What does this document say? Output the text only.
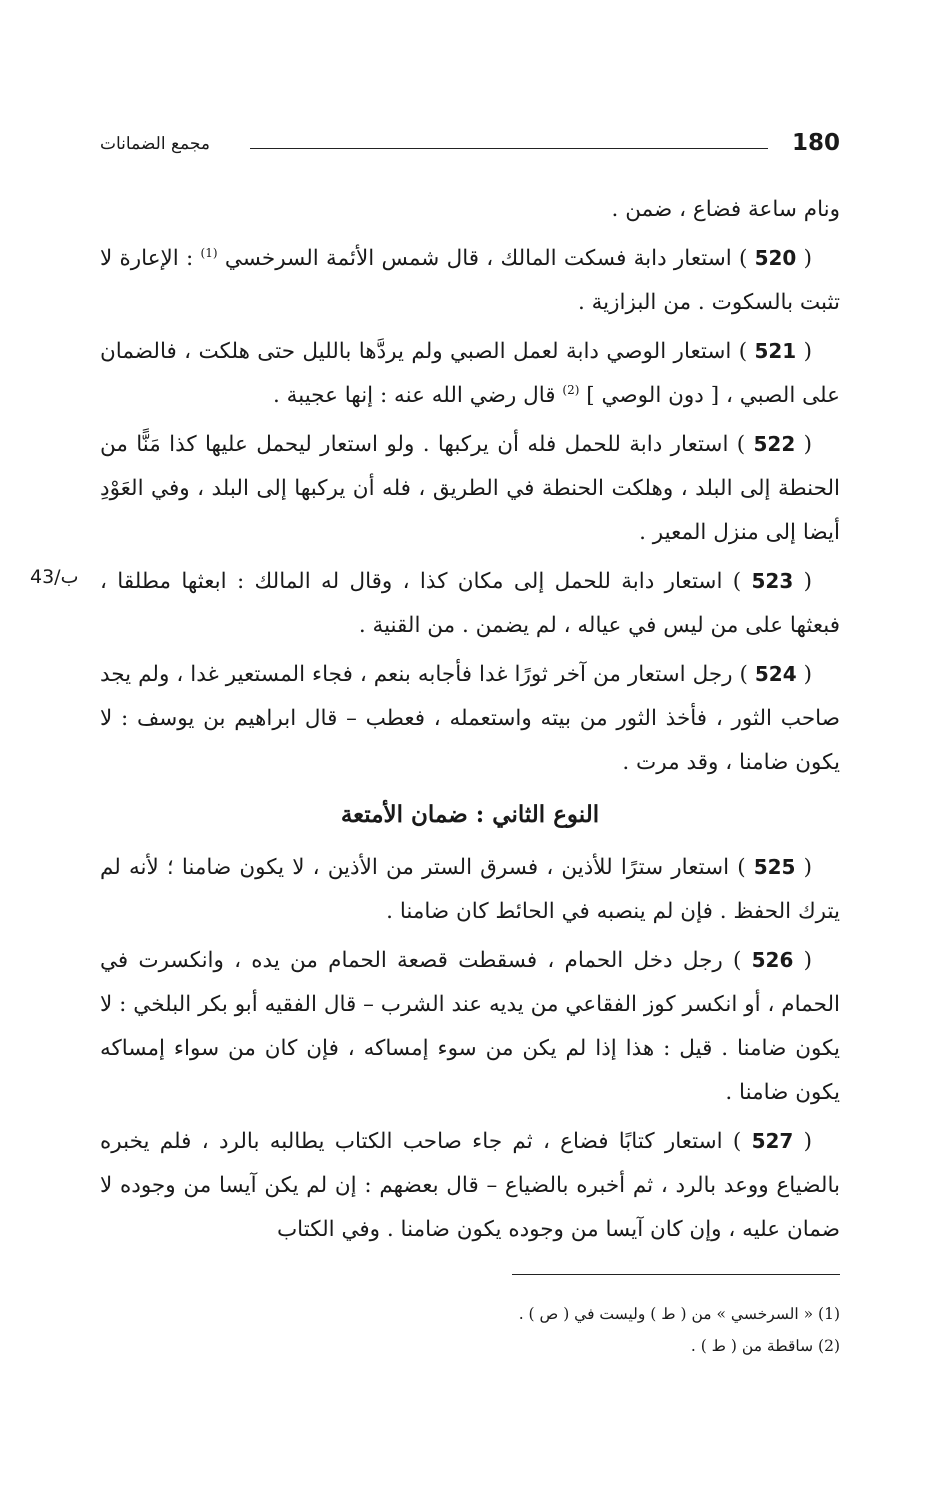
180
مجمع الضمانات
43/ب

ونام ساعة فضاع ، ضمن .

( 520 ) استعار دابة فسكت المالك ، قال شمس الأئمة السرخسي $^{(1)}$ : الإعارة لا تثبت بالسكوت . من البزازية .

( 521 ) استعار الوصي دابة لعمل الصبي ولم يردَّها بالليل حتى هلكت ، فالضمان على الصبي ، [ دون الوصي ] $^{(2)}$ قال رضي الله عنه : إنها عجيبة .

( 522 ) استعار دابة للحمل فله أن يركبها . ولو استعار ليحمل عليها كذا مَنًّا من الحنطة إلى البلد ، وهلكت الحنطة في الطريق ، فله أن يركبها إلى البلد ، وفي العَوْدِ أيضا إلى منزل المعير .

( 523 ) استعار دابة للحمل إلى مكان كذا ، وقال له المالك : ابعثها مطلقا ، فبعثها على من ليس في عياله ، لم يضمن . من القنية .

( 524 ) رجل استعار من آخر ثورًا غدا فأجابه بنعم ، فجاء المستعير غدا ، ولم يجد صاحب الثور ، فأخذ الثور من بيته واستعمله ، فعطب – قال ابراهيم بن يوسف : لا يكون ضامنا ، وقد مرت .

النوع الثاني : ضمان الأمتعة

( 525 ) استعار سترًا للأذين ، فسرق الستر من الأذين ، لا يكون ضامنا ؛ لأنه لم يترك الحفظ . فإن لم ينصبه في الحائط كان ضامنا .

( 526 ) رجل دخل الحمام ، فسقطت قصعة الحمام من يده ، وانكسرت في الحمام ، أو انكسر كوز الفقاعي من يديه عند الشرب – قال الفقيه أبو بكر البلخي : لا يكون ضامنا . قيل : هذا إذا لم يكن من سوء إمساكه ، فإن كان من سواء إمساكه يكون ضامنا .

( 527 ) استعار كتابًا فضاع ، ثم جاء صاحب الكتاب يطالبه بالرد ، فلم يخبره بالضياع ووعد بالرد ، ثم أخبره بالضياع – قال بعضهم : إن لم يكن آيسا من وجوده لا ضمان عليه ، وإن كان آيسا من وجوده يكون ضامنا . وفي الكتاب

(1) « السرخسي » من ( ط ) وليست في ( ص ) .
(2) ساقطة من ( ط ) .
